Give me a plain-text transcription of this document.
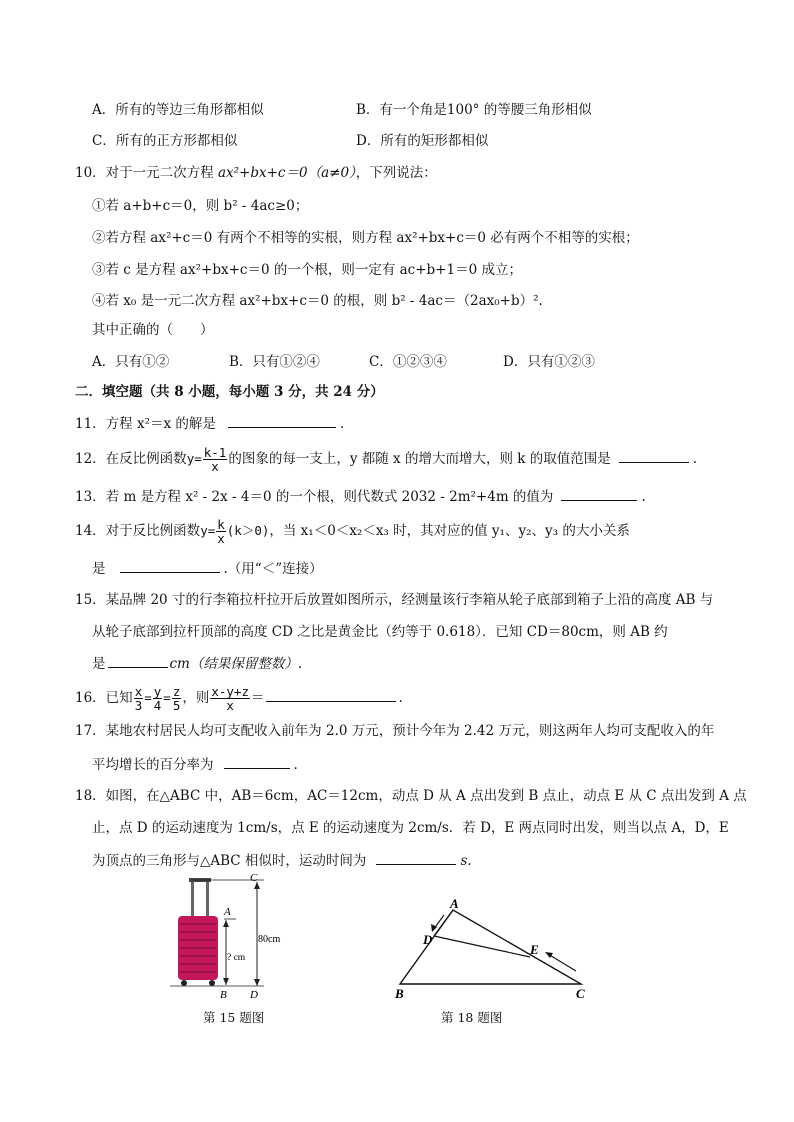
A．所有的等边三角形都相似	B．有一个角是100° 的等腰三角形相似
C．所有的正方形都相似	D．所有的矩形都相似
10．对于一元二次方程 ax²+bx+c＝0（a≠0），下列说法：
①若 a+b+c＝0，则 b² - 4ac≥0；
②若方程 ax²+c＝0 有两个不相等的实根，则方程 ax²+bx+c＝0 必有两个不相等的实根；
③若 c 是方程 ax²+bx+c＝0 的一个根，则一定有 ac+b+1＝0 成立；
④若 x₀ 是一元二次方程 ax²+bx+c＝0 的根，则 b² - 4ac＝（2ax₀+b）².
其中正确的（　　）
A．只有①②	B．只有①②④	C．①②③④	D．只有①②③
二．填空题（共 8 小题，每小题 3 分，共 24 分）
11．方程 x²＝x 的解是	.
12．在反比例函数$y= \frac{k-1}{x}$ 的图象的每一支上，y 都随 x 的增大而增大，则 k 的取值范围是	.
13．若 m 是方程 x² - 2x - 4＝0 的一个根，则代数式 2032 - 2m²+4m 的值为	.
14．对于反比例函数$y= \frac{k}{x} (k>0)$，当 x₁＜0＜x₂＜x₃ 时，其对应的值 y₁、y₂、y₃ 的大小关系
是	.（用“＜”连接）
15．某品牌 20 寸的行李箱拉杆拉开后放置如图所示，经测量该行李箱从轮子底部到箱子上沿的高度 AB 与
从轮子底部到拉杆顶部的高度 CD 之比是黄金比（约等于 0.618）．已知 CD＝80cm，则 AB 约
是	cm（结果保留整数）.
16．已知 $\frac{x}{3} = \frac{y}{4} = \frac{z}{5}$ ，则 $\frac{x-y+z}{x}$ ＝	.
17．某地农村居民人均可支配收入前年为 2.0 万元，预计今年为 2.42 万元，则这两年人均可支配收入的年
平均增长的百分率为	.
18．如图，在△ABC 中，AB＝6cm，AC＝12cm，动点 D 从 A 点出发到 B 点止，动点 E 从 C 点出发到 A 点
止，点 D 的运动速度为 1cm/s，点 E 的运动速度为 2cm/s．若 D，E 两点同时出发，则当以点 A，D，E
为顶点的三角形与△ABC 相似时，运动时间为	s.
C
A
B D
80cm
? cm
第 15 题图
A
B	C
D
E
第 18 题图
